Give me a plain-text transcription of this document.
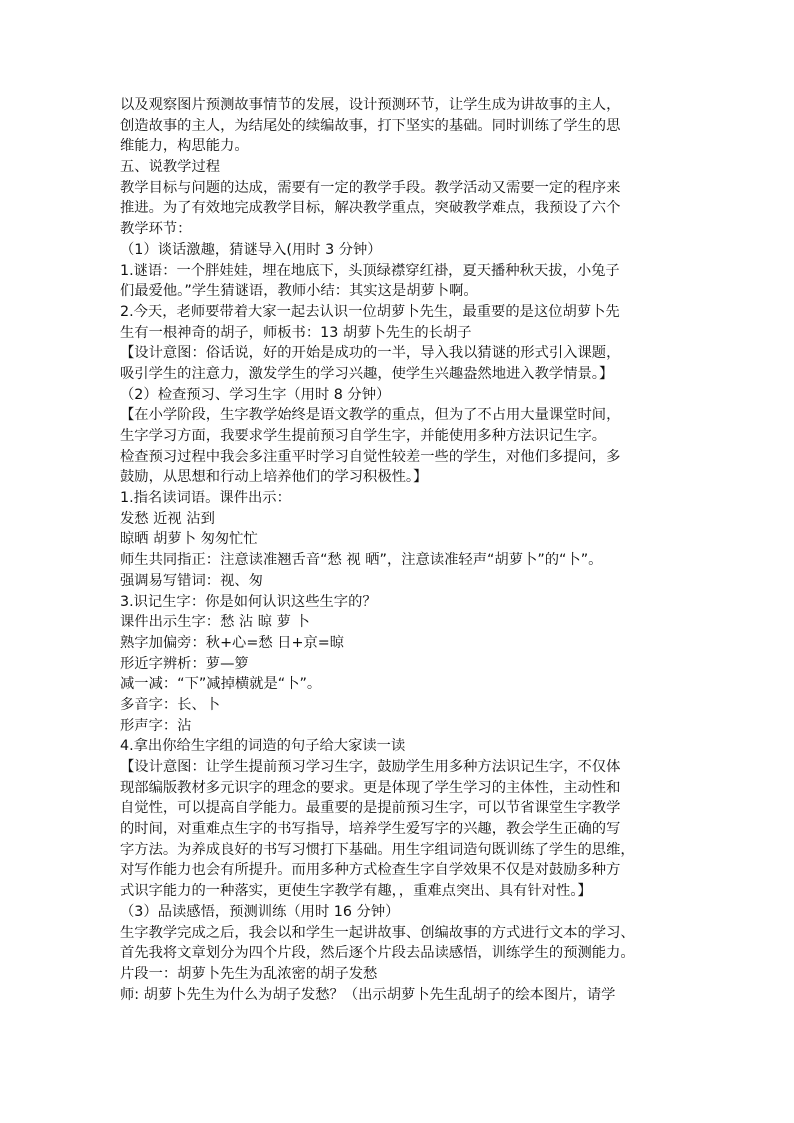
以及观察图片预测故事情节的发展，设计预测环节，让学生成为讲故事的主人，
创造故事的主人，为结尾处的续编故事，打下坚实的基础。同时训练了学生的思
维能力，构思能力。
五、说教学过程
教学目标与问题的达成，需要有一定的教学手段。教学活动又需要一定的程序来
推进。为了有效地完成教学目标，解决教学重点，突破教学难点，我预设了六个
教学环节：
（1）谈话激趣，猜谜导入(用时 3 分钟）
1.谜语：一个胖娃娃，埋在地底下，头顶绿襟穿红褂，夏天播种秋天拔，小兔子
们最爱他。”学生猜谜语，教师小结：其实这是胡萝卜啊。
2.今天，老师要带着大家一起去认识一位胡萝卜先生，最重要的是这位胡萝卜先
生有一根神奇的胡子，师板书：13 胡萝卜先生的长胡子
【设计意图：俗话说，好的开始是成功的一半，导入我以猜谜的形式引入课题，
吸引学生的注意力，激发学生的学习兴趣，使学生兴趣盎然地进入教学情景。】
（2）检查预习、学习生字（用时 8 分钟）
【在小学阶段，生字教学始终是语文教学的重点，但为了不占用大量课堂时间，
生字学习方面，我要求学生提前预习自学生字，并能使用多种方法识记生字。
检查预习过程中我会多注重平时学习自觉性较差一些的学生，对他们多提问，多
鼓励，从思想和行动上培养他们的学习积极性。】
1.指名读词语。课件出示：
发愁 近视 沾到
晾晒 胡萝卜 匆匆忙忙
师生共同指正：注意读准翘舌音“愁 视 晒”，注意读准轻声“胡萝卜”的“卜”。
强调易写错词：视、匆
3.识记生字：你是如何认识这些生字的？
课件出示生字：愁 沾 晾 萝 卜
熟字加偏旁：秋+心=愁 日+京=晾
形近字辨析：萝—箩
减一减：“下”减掉横就是“卜”。
多音字：长、卜
形声字：沾
4.拿出你给生字组的词造的句子给大家读一读
【设计意图：让学生提前预习学习生字，鼓励学生用多种方法识记生字，不仅体
现部编版教材多元识字的理念的要求。更是体现了学生学习的主体性，主动性和
自觉性，可以提高自学能力。最重要的是提前预习生字，可以节省课堂生字教学
的时间，对重难点生字的书写指导，培养学生爱写字的兴趣，教会学生正确的写
字方法。为养成良好的书写习惯打下基础。用生字组词造句既训练了学生的思维，
对写作能力也会有所提升。而用多种方式检查生字自学效果不仅是对鼓励多种方
式识字能力的一种落实，更使生字教学有趣，，重难点突出、具有针对性。】
（3）品读感悟，预测训练（用时 16 分钟）
生字教学完成之后，我会以和学生一起讲故事、创编故事的方式进行文本的学习、
首先我将文章划分为四个片段，然后逐个片段去品读感悟，训练学生的预测能力。
片段一：胡萝卜先生为乱浓密的胡子发愁
师: 胡萝卜先生为什么为胡子发愁？（出示胡萝卜先生乱胡子的绘本图片，请学
